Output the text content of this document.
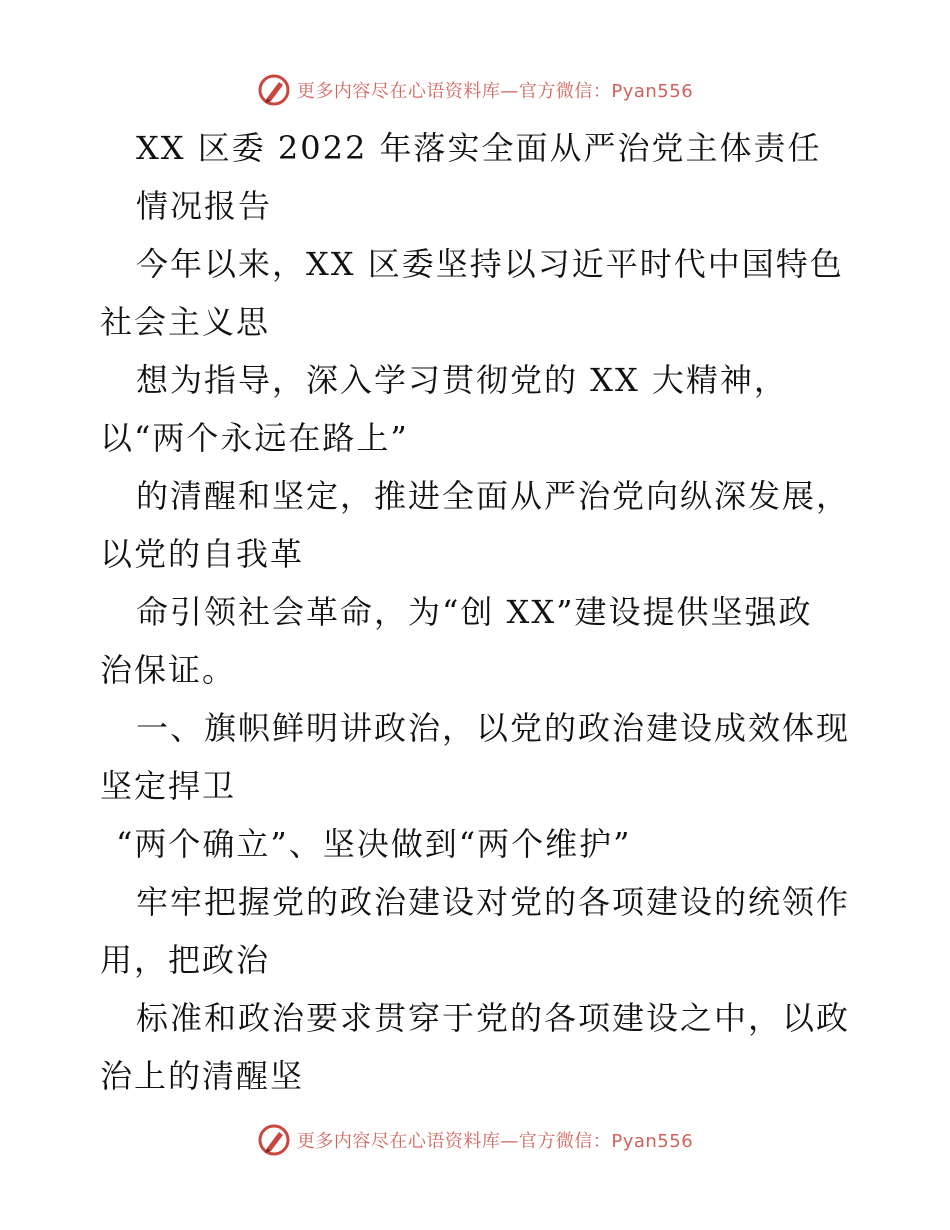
更多内容尽在心语资料库—官方微信：Pyan556
XX 区委 2022 年落实全面从严治党主体责任
情况报告
今年以来，XX 区委坚持以习近平时代中国特色
社会主义思
想为指导，深入学习贯彻党的 XX 大精神，
以“两个永远在路上”
的清醒和坚定，推进全面从严治党向纵深发展，
以党的自我革
命引领社会革命，为“创 XX”建设提供坚强政
治保证。
一、旗帜鲜明讲政治，以党的政治建设成效体现
坚定捍卫
“两个确立”、坚决做到“两个维护”
牢牢把握党的政治建设对党的各项建设的统领作
用，把政治
标准和政治要求贯穿于党的各项建设之中，以政
治上的清醒坚
更多内容尽在心语资料库—官方微信：Pyan556
